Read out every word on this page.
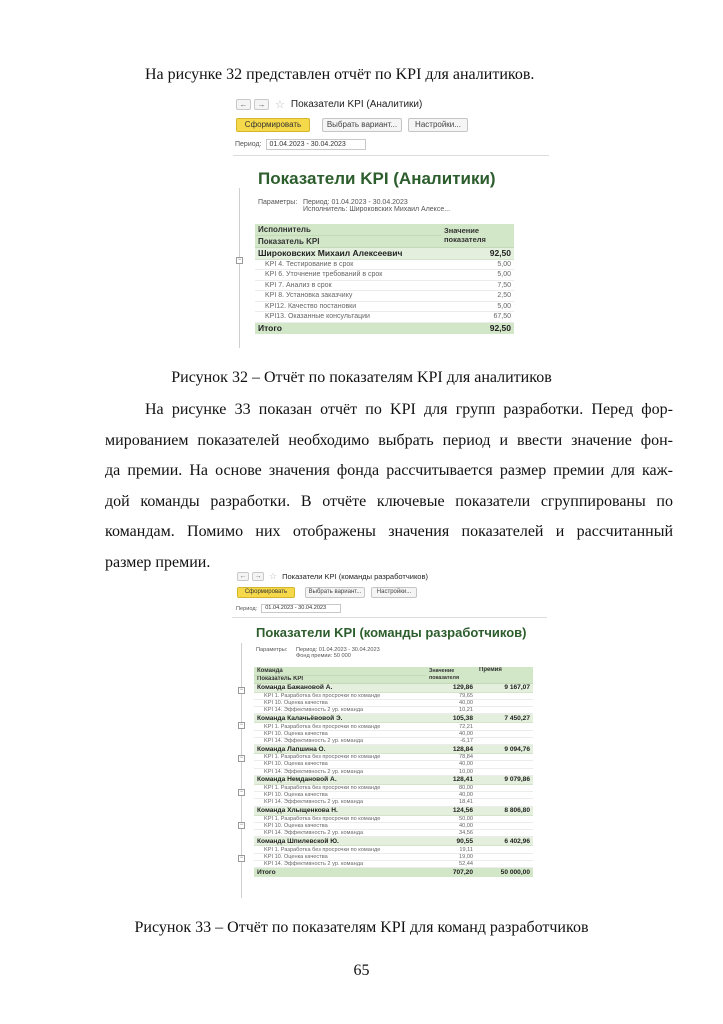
На рисунке 32 представлен отчёт по KPI для аналитиков.
←	→ ☆ Показатели KPI (Аналитики)
Сформировать	Выбрать вариант...	Настройки...
Период:	01.04.2023 - 30.04.2023
Показатели KPI (Аналитики)
Параметры: Период: 01.04.2023 - 30.04.2023
Исполнитель: Широковских Михаил Алексе...
−
Исполнитель	Значение показателя
Показатель KPI	
Широковских Михаил Алексеевич	92,50
KPI 4. Тестирование в срок	5,00
KPI 6. Уточнение требований в срок	5,00
KPI 7. Анализ в срок	7,50
KPI 8. Установка заказчику	2,50
KPI12. Качество постановки	5,00
KPI13. Оказанные консультации	67,50
Итого	92,50
Рисунок 32 – Отчёт по показателям KPI для аналитиков
На рисунке 33 показан отчёт по KPI для групп разработки. Перед фор-
мированием показателей необходимо выбрать период и ввести значение фон-
да премии. На основе значения фонда рассчитывается размер премии для каж-
дой команды разработки. В отчёте ключевые показатели сгруппированы по
командам. Помимо них отображены значения показателей и рассчитанный
размер премии.
←	→ ☆ Показатели KPI (команды разработчиков)
Сформировать	Выбрать вариант...	Настройки...
Период:	01.04.2023 - 30.04.2023
Показатели KPI (команды разработчиков)
Параметры:	Период: 01.04.2023 - 30.04.2023
Фонд премии: 50 000
−
−
−
−
−
−
Команда	Значение показателя	Премия
Показатель KPI		
Команда Бажановой А.	129,86	9 167,07
KPI 1. Разработка без просрочки по команде	79,65	
KPI 10. Оценка качества	40,00	
KPI 14. Эффективность 2 ур. команда	10,21	
Команда Калачьёвовой Э.	105,38	7 450,27
KPI 1. Разработка без просрочки по команде	72,21	
KPI 10. Оценка качества	40,00	
KPI 14. Эффективность 2 ур. команда	-6,17	
Команда Лапшина О.	128,84	9 094,76
KPI 1. Разработка без просрочки по команде	78,84	
KPI 10. Оценка качества	40,00	
KPI 14. Эффективность 2 ур. команда	10,00	
Команда Немдановой А.	128,41	9 079,86
KPI 1. Разработка без просрочки по команде	80,00	
KPI 10. Оценка качества	40,00	
KPI 14. Эффективность 2 ур. команда	18,41	
Команда Хлыщенкова Н.	124,56	8 806,80
KPI 1. Разработка без просрочки по команде	50,00	
KPI 10. Оценка качества	40,00	
KPI 14. Эффективность 2 ур. команда	34,56	
Команда Шпилевской Ю.	90,55	6 402,96
KPI 1. Разработка без просрочки по команде	19,11	
KPI 10. Оценка качества	19,00	
KPI 14. Эффективность 2 ур. команда	52,44	
Итого	707,20	50 000,00
Рисунок 33 – Отчёт по показателям KPI для команд разработчиков
65
